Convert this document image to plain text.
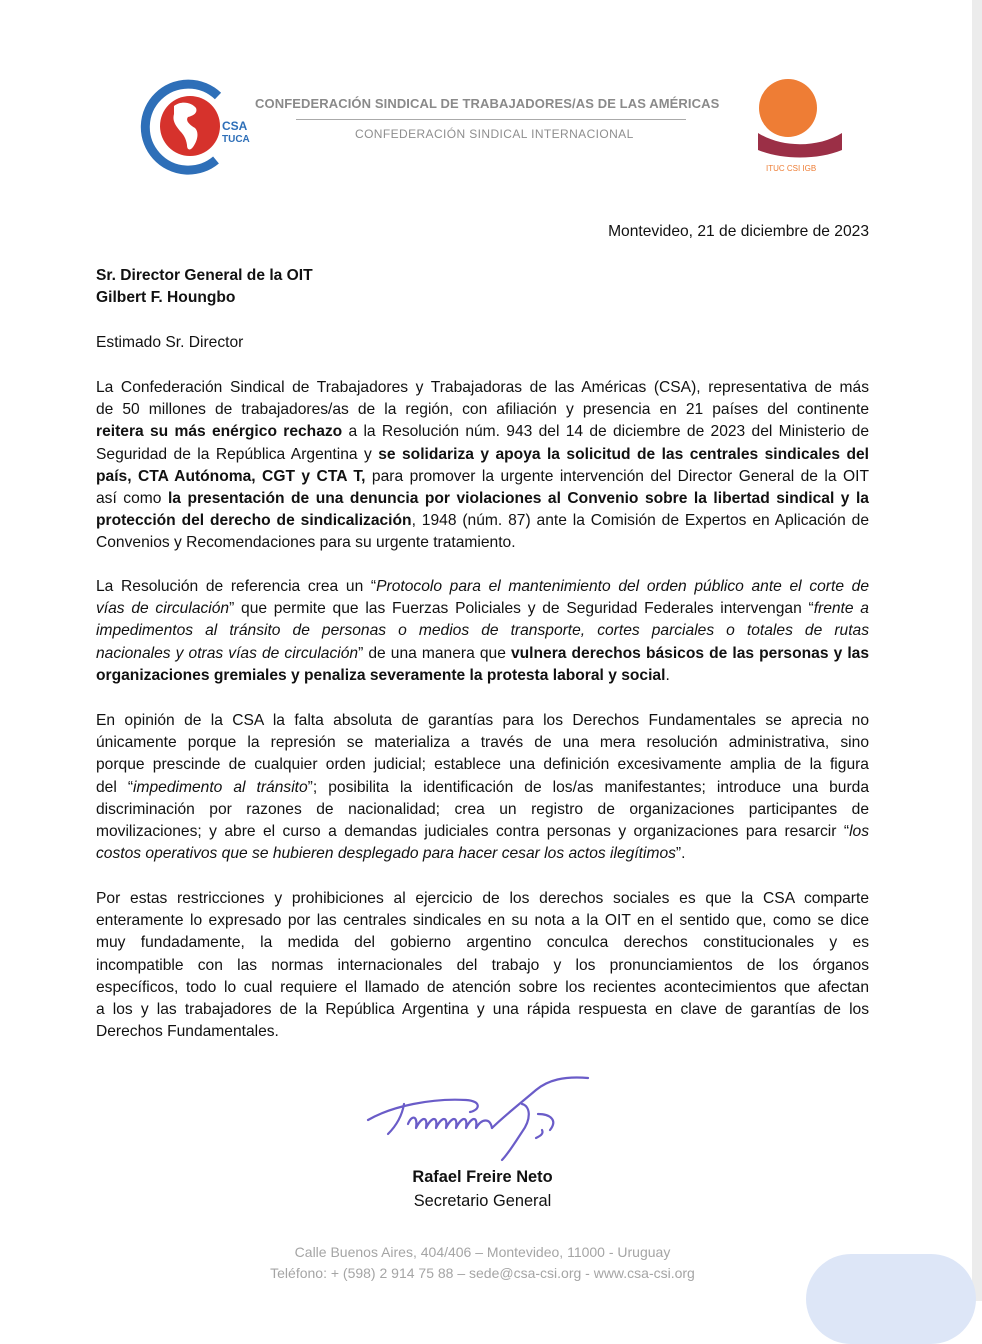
CSA
TUCA
CONFEDERACIÓN SINDICAL DE TRABAJADORES/AS DE LAS AMÉRICAS
CONFEDERACIÓN SINDICAL INTERNACIONAL
ITUC CSI IGB
Montevideo, 21 de diciembre de 2023
Sr. Director General de la OIT
Gilbert F. Houngbo
Estimado Sr. Director
La Confederación Sindical de Trabajadores y Trabajadoras de las Américas (CSA), representativa de más
de 50 millones de trabajadores/as de la región, con afiliación y presencia en 21 países del continente
reitera su más enérgico rechazo a la Resolución núm. 943 del 14 de diciembre de 2023 del Ministerio de
Seguridad de la República Argentina y se solidariza y apoya la solicitud de las centrales sindicales del
país, CTA Autónoma, CGT y CTA T, para promover la urgente intervención del Director General de la OIT
así como la presentación de una denuncia por violaciones al Convenio sobre la libertad sindical y la
protección del derecho de sindicalización, 1948 (núm. 87) ante la Comisión de Expertos en Aplicación de
Convenios y Recomendaciones para su urgente tratamiento.
La Resolución de referencia crea un “Protocolo para el mantenimiento del orden público ante el corte de
vías de circulación” que permite que las Fuerzas Policiales y de Seguridad Federales intervengan “frente a
impedimentos al tránsito de personas o medios de transporte, cortes parciales o totales de rutas
nacionales y otras vías de circulación” de una manera que vulnera derechos básicos de las personas y las
organizaciones gremiales y penaliza severamente la protesta laboral y social.
En opinión de la CSA la falta absoluta de garantías para los Derechos Fundamentales se aprecia no
únicamente porque la represión se materializa a través de una mera resolución administrativa, sino
porque prescinde de cualquier orden judicial; establece una definición excesivamente amplia de la figura
del “impedimento al tránsito”; posibilita la identificación de los/as manifestantes; introduce una burda
discriminación por razones de nacionalidad; crea un registro de organizaciones participantes de
movilizaciones; y abre el curso a demandas judiciales contra personas y organizaciones para resarcir “los
costos operativos que se hubieren desplegado para hacer cesar los actos ilegítimos”.
Por estas restricciones y prohibiciones al ejercicio de los derechos sociales es que la CSA comparte
enteramente lo expresado por las centrales sindicales en su nota a la OIT en el sentido que, como se dice
muy fundadamente, la medida del gobierno argentino conculca derechos constitucionales y es
incompatible con las normas internacionales del trabajo y los pronunciamientos de los órganos
específicos, todo lo cual requiere el llamado de atención sobre los recientes acontecimientos que afectan
a los y las trabajadores de la República Argentina y una rápida respuesta en clave de garantías de los
Derechos Fundamentales.
Rafael Freire Neto
Secretario General
Calle Buenos Aires, 404/406 – Montevideo, 11000 - Uruguay
Teléfono: + (598) 2 914 75 88 – sede@csa-csi.org - www.csa-csi.org
